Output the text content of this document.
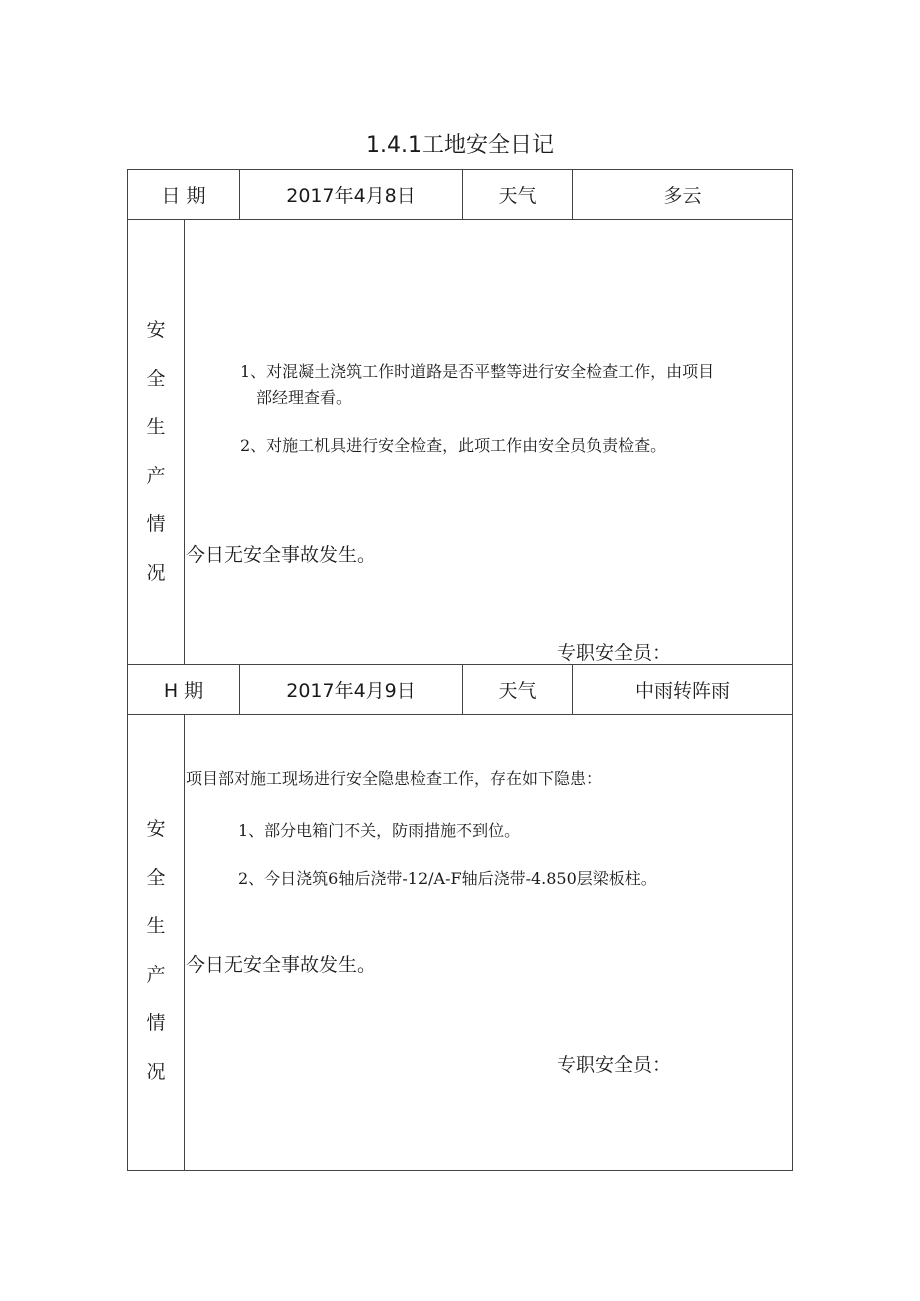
1.4.1工地安全日记
日 期	2017年4月8日	天气	多云
安
全
生
产
情
况
1、对混凝土浇筑工作时道路是否平整等进行安全检查工作，由项目
部经理查看。
2、对施工机具进行安全检查，此项工作由安全员负责检查。
今日无安全事故发生。
专职安全员：
H 期	2017年4月9日	天气	中雨转阵雨
安
全
生
产
情
况
项目部对施工现场进行安全隐患检查工作，存在如下隐患：
1、部分电箱门不关，防雨措施不到位。
2、今日浇筑6轴后浇带-12/A-F轴后浇带-4.850层梁板柱。
今日无安全事故发生。
专职安全员：
